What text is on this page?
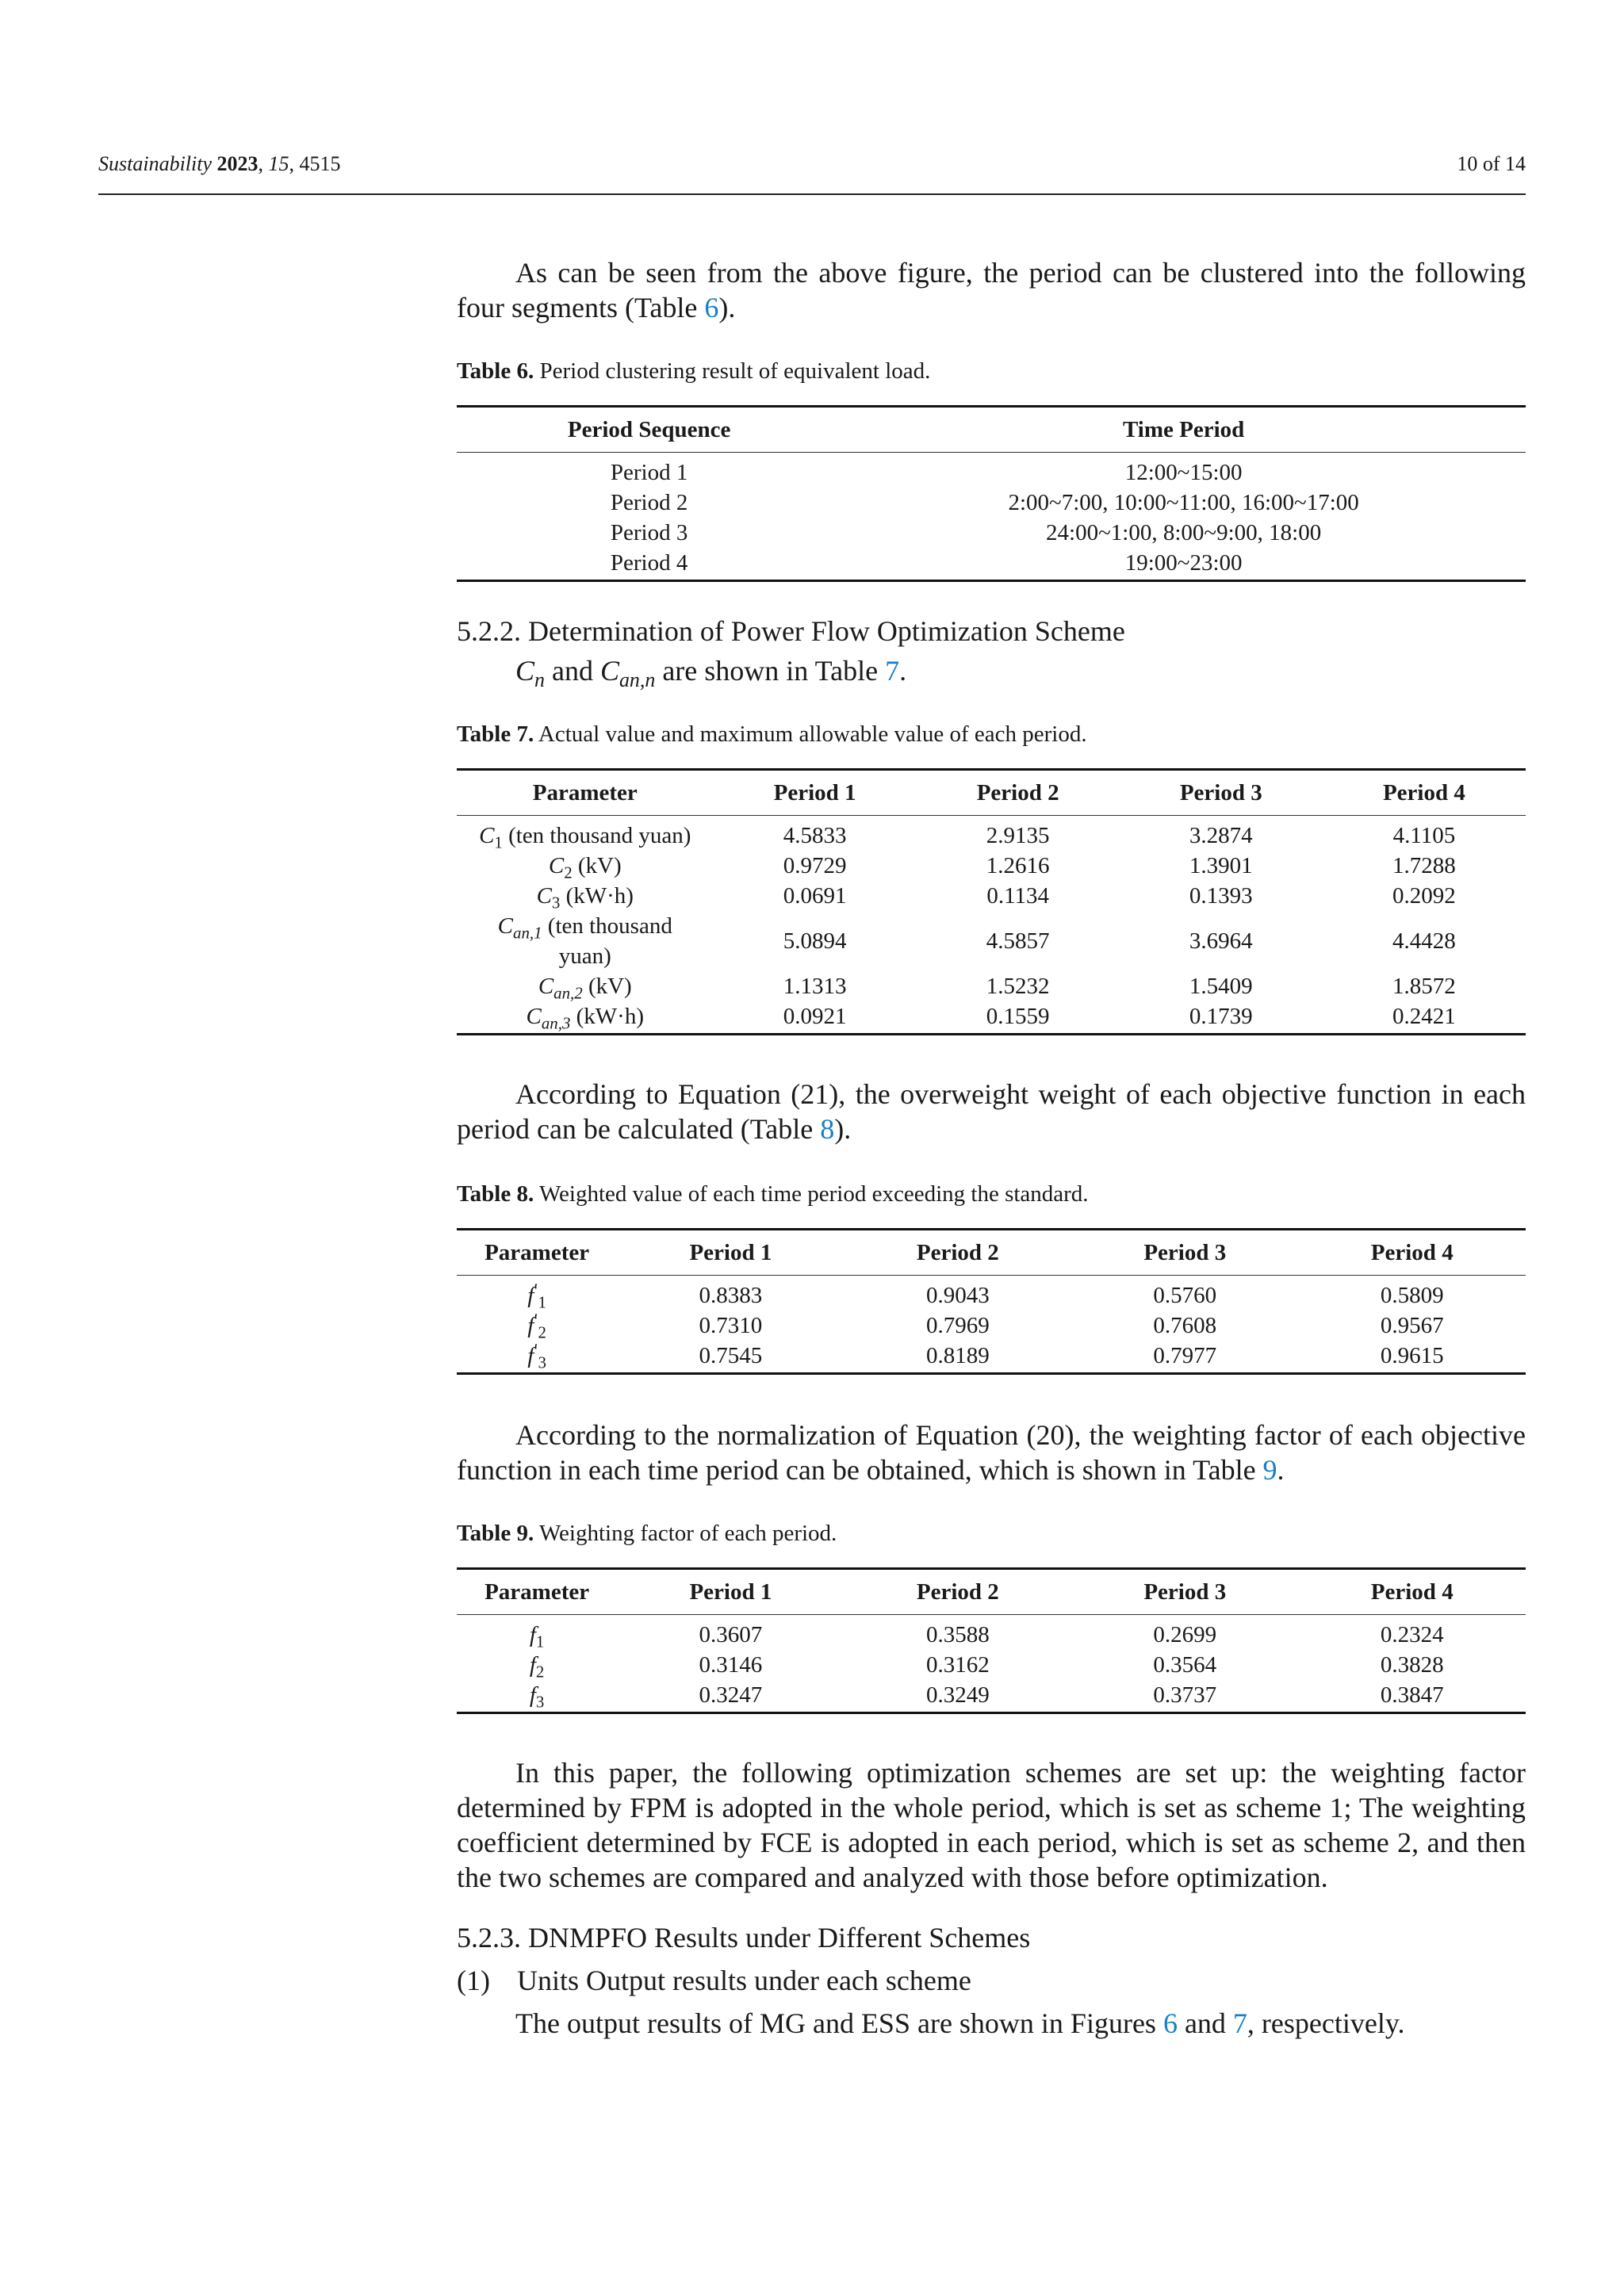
Sustainability 2023, 15, 4515	10 of 14

As can be seen from the above figure, the period can be clustered into the following four segments (Table 6).

Table 6. Period clustering result of equivalent load.

Period Sequence	Time Period
Period 1	12:00~15:00
Period 2	2:00~7:00, 10:00~11:00, 16:00~17:00
Period 3	24:00~1:00, 8:00~9:00, 18:00
Period 4	19:00~23:00

5.2.2. Determination of Power Flow Optimization Scheme

$C_n$ and $C_{an,n}$ are shown in Table 7.

Table 7. Actual value and maximum allowable value of each period.

Parameter	Period 1	Period 2	Period 3	Period 4
$C_1$ (ten thousand yuan)	4.5833	2.9135	3.2874	4.1105
$C_2$ (kV)	0.9729	1.2616	1.3901	1.7288
$C_3$ (kW·h)	0.0691	0.1134	0.1393	0.2092
$C_{an,1}$ (ten thousand
yuan)	5.0894	4.5857	3.6964	4.4428
$C_{an,2}$ (kV)	1.1313	1.5232	1.5409	1.8572
$C_{an,3}$ (kW·h)	0.0921	0.1559	0.1739	0.2421

According to Equation (21), the overweight weight of each objective function in each period can be calculated (Table 8).

Table 8. Weighted value of each time period exceeding the standard.

Parameter	Period 1	Period 2	Period 3	Period 4
$f'_1$	0.8383	0.9043	0.5760	0.5809
$f'_2$	0.7310	0.7969	0.7608	0.9567
$f'_3$	0.7545	0.8189	0.7977	0.9615

According to the normalization of Equation (20), the weighting factor of each objective function in each time period can be obtained, which is shown in Table 9.

Table 9. Weighting factor of each period.

Parameter	Period 1	Period 2	Period 3	Period 4
$f_1$	0.3607	0.3588	0.2699	0.2324
$f_2$	0.3146	0.3162	0.3564	0.3828
$f_3$	0.3247	0.3249	0.3737	0.3847

In this paper, the following optimization schemes are set up: the weighting factor determined by FPM is adopted in the whole period, which is set as scheme 1; The weighting coefficient determined by FCE is adopted in each period, which is set as scheme 2, and then the two schemes are compared and analyzed with those before optimization.

5.2.3. DNMPFO Results under Different Schemes

(1) Units Output results under each scheme

The output results of MG and ESS are shown in Figures 6 and 7, respectively.
